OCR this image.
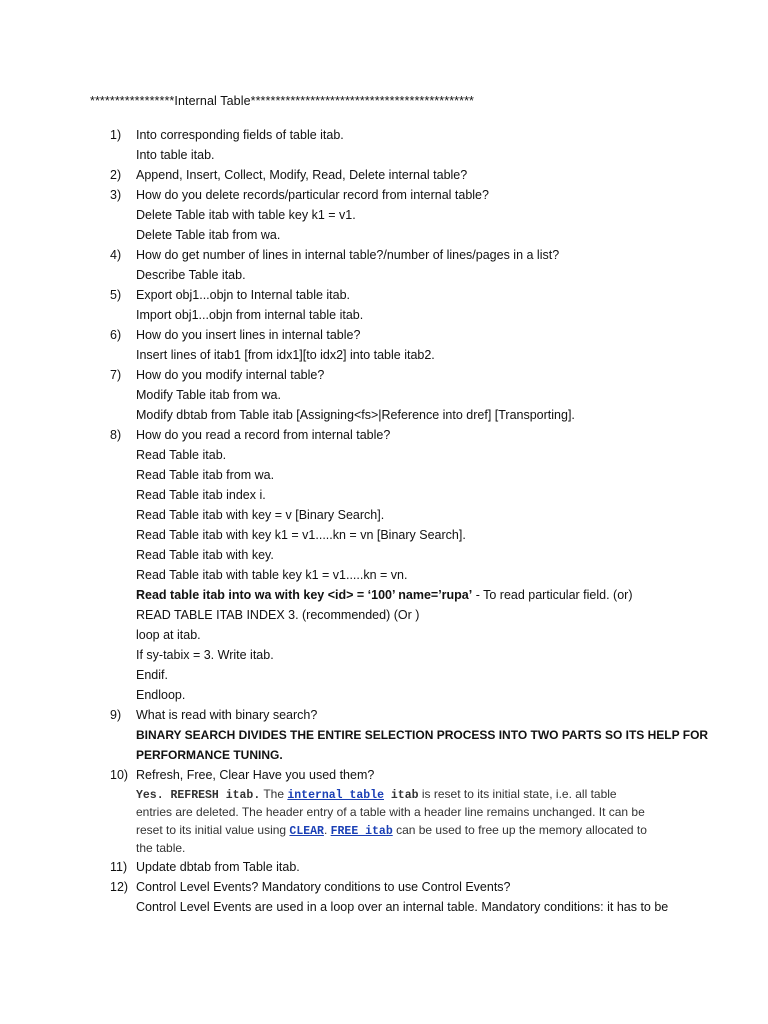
*****************Internal Table*********************************************
1)	Into corresponding fields of table itab.
Into table itab.
2)	Append, Insert, Collect, Modify, Read, Delete internal table?
3)	How do you delete records/particular record from internal table?
Delete Table itab with table key k1 = v1.
Delete Table itab from wa.
4)	How do get number of lines in internal table?/number of lines/pages in a list?
Describe Table itab.
5)	Export obj1...objn to Internal table itab.
Import obj1...objn from internal table itab.
6)	How do you insert lines in internal table?
Insert lines of itab1 [from idx1][to idx2] into table itab2.
7)	How do you modify internal table?
Modify Table itab from wa.
Modify dbtab from Table itab [Assigning<fs>|Reference into dref] [Transporting].
8)	How do you read a record from internal table?
Read Table itab.
Read Table itab from wa.
Read Table itab index i.
Read Table itab with key = v [Binary Search].
Read Table itab with key k1 = v1.....kn = vn [Binary Search].
Read Table itab with key.
Read Table itab with table key k1 = v1.....kn = vn.
Read table itab into wa with key <id> = ‘100’ name=’rupa’ - To read particular field. (or)
READ TABLE ITAB INDEX 3. (recommended) (Or )
loop at itab.
If sy-tabix = 3. Write itab.
Endif.
Endloop.
9)	What is read with binary search?
BINARY SEARCH DIVIDES THE ENTIRE SELECTION PROCESS INTO TWO PARTS SO ITS HELP FOR
PERFORMANCE TUNING.
10) Refresh, Free, Clear Have you used them?
Yes. REFRESH itab. The internal table itab is reset to its initial state, i.e. all table
entries are deleted. The header entry of a table with a header line remains unchanged. It can be
reset to its initial value using CLEAR. FREE itab can be used to free up the memory allocated to
the table.
11) Update dbtab from Table itab.
12) Control Level Events? Mandatory conditions to use Control Events?
Control Level Events are used in a loop over an internal table. Mandatory conditions: it has to be
